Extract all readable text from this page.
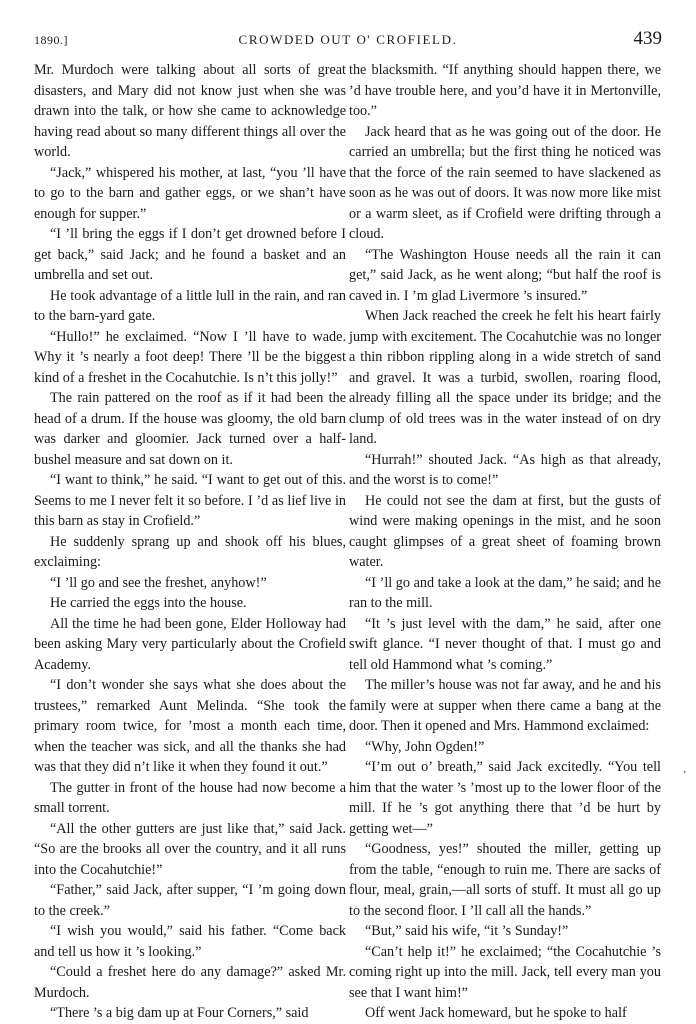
1890.]	CROWDED OUT O' CROFIELD.	439

Mr. Murdoch were talking about all sorts of great disasters, and Mary did not know just when she was drawn into the talk, or how she came to acknowledge having read about so many different things all over the world.

“Jack,” whispered his mother, at last, “you ’ll have to go to the barn and gather eggs, or we shan’t have enough for supper.”

“I ’ll bring the eggs if I don’t get drowned before I get back,” said Jack; and he found a basket and an umbrella and set out.

He took advantage of a little lull in the rain, and ran to the barn-yard gate.

“Hullo!” he exclaimed. “Now I ’ll have to wade. Why it ’s nearly a foot deep! There ’ll be the biggest kind of a freshet in the Cocahutchie. Is n’t this jolly!”

The rain pattered on the roof as if it had been the head of a drum. If the house was gloomy, the old barn was darker and gloomier. Jack turned over a half-bushel measure and sat down on it.

“I want to think,” he said. “I want to get out of this. Seems to me I never felt it so before. I ’d as lief live in this barn as stay in Crofield.”

He suddenly sprang up and shook off his blues, exclaiming:

“I ’ll go and see the freshet, anyhow!”

He carried the eggs into the house.

All the time he had been gone, Elder Holloway had been asking Mary very particularly about the Crofield Academy.

“I don’t wonder she says what she does about the trustees,” remarked Aunt Melinda. “She took the primary room twice, for ’most a month each time, when the teacher was sick, and all the thanks she had was that they did n’t like it when they found it out.”

The gutter in front of the house had now become a small torrent.

“All the other gutters are just like that,” said Jack. “So are the brooks all over the country, and it all runs into the Cocahutchie!”

“Father,” said Jack, after supper, “I ’m going down to the creek.”

“I wish you would,” said his father. “Come back and tell us how it ’s looking.”

“Could a freshet here do any damage?” asked Mr. Murdoch.

“There ’s a big dam up at Four Corners,” said

the blacksmith. “If anything should happen there, we ’d have trouble here, and you’d have it in Mertonville, too.”

Jack heard that as he was going out of the door. He carried an umbrella; but the first thing he noticed was that the force of the rain seemed to have slackened as soon as he was out of doors. It was now more like mist or a warm sleet, as if Crofield were drifting through a cloud.

“The Washington House needs all the rain it can get,” said Jack, as he went along; “but half the roof is caved in. I ’m glad Livermore ’s insured.”

When Jack reached the creek he felt his heart fairly jump with excitement. The Cocahutchie was no longer a thin ribbon rippling along in a wide stretch of sand and gravel. It was a turbid, swollen, roaring flood, already filling all the space under its bridge; and the clump of old trees was in the water instead of on dry land.

“Hurrah!” shouted Jack. “As high as that already, and the worst is to come!”

He could not see the dam at first, but the gusts of wind were making openings in the mist, and he soon caught glimpses of a great sheet of foaming brown water.

“I ’ll go and take a look at the dam,” he said; and he ran to the mill.

“It ’s just level with the dam,” he said, after one swift glance. “I never thought of that. I must go and tell old Hammond what ’s coming.”

The miller’s house was not far away, and he and his family were at supper when there came a bang at the door. Then it opened and Mrs. Hammond exclaimed:

“Why, John Ogden!”

“I’m out o’ breath,” said Jack excitedly. “You tell him that the water ’s ’most up to the lower floor of the mill. If he ’s got anything there that ’d be hurt by getting wet—”

“Goodness, yes!” shouted the miller, getting up from the table, “enough to ruin me. There are sacks of flour, meal, grain,—all sorts of stuff. It must all go up to the second floor. I ’ll call all the hands.”

“But,” said his wife, “it ’s Sunday!”

“Can’t help it!” he exclaimed; “the Cocahutchie ’s coming right up into the mill. Jack, tell every man you see that I want him!”

Off went Jack homeward, but he spoke to half

’
